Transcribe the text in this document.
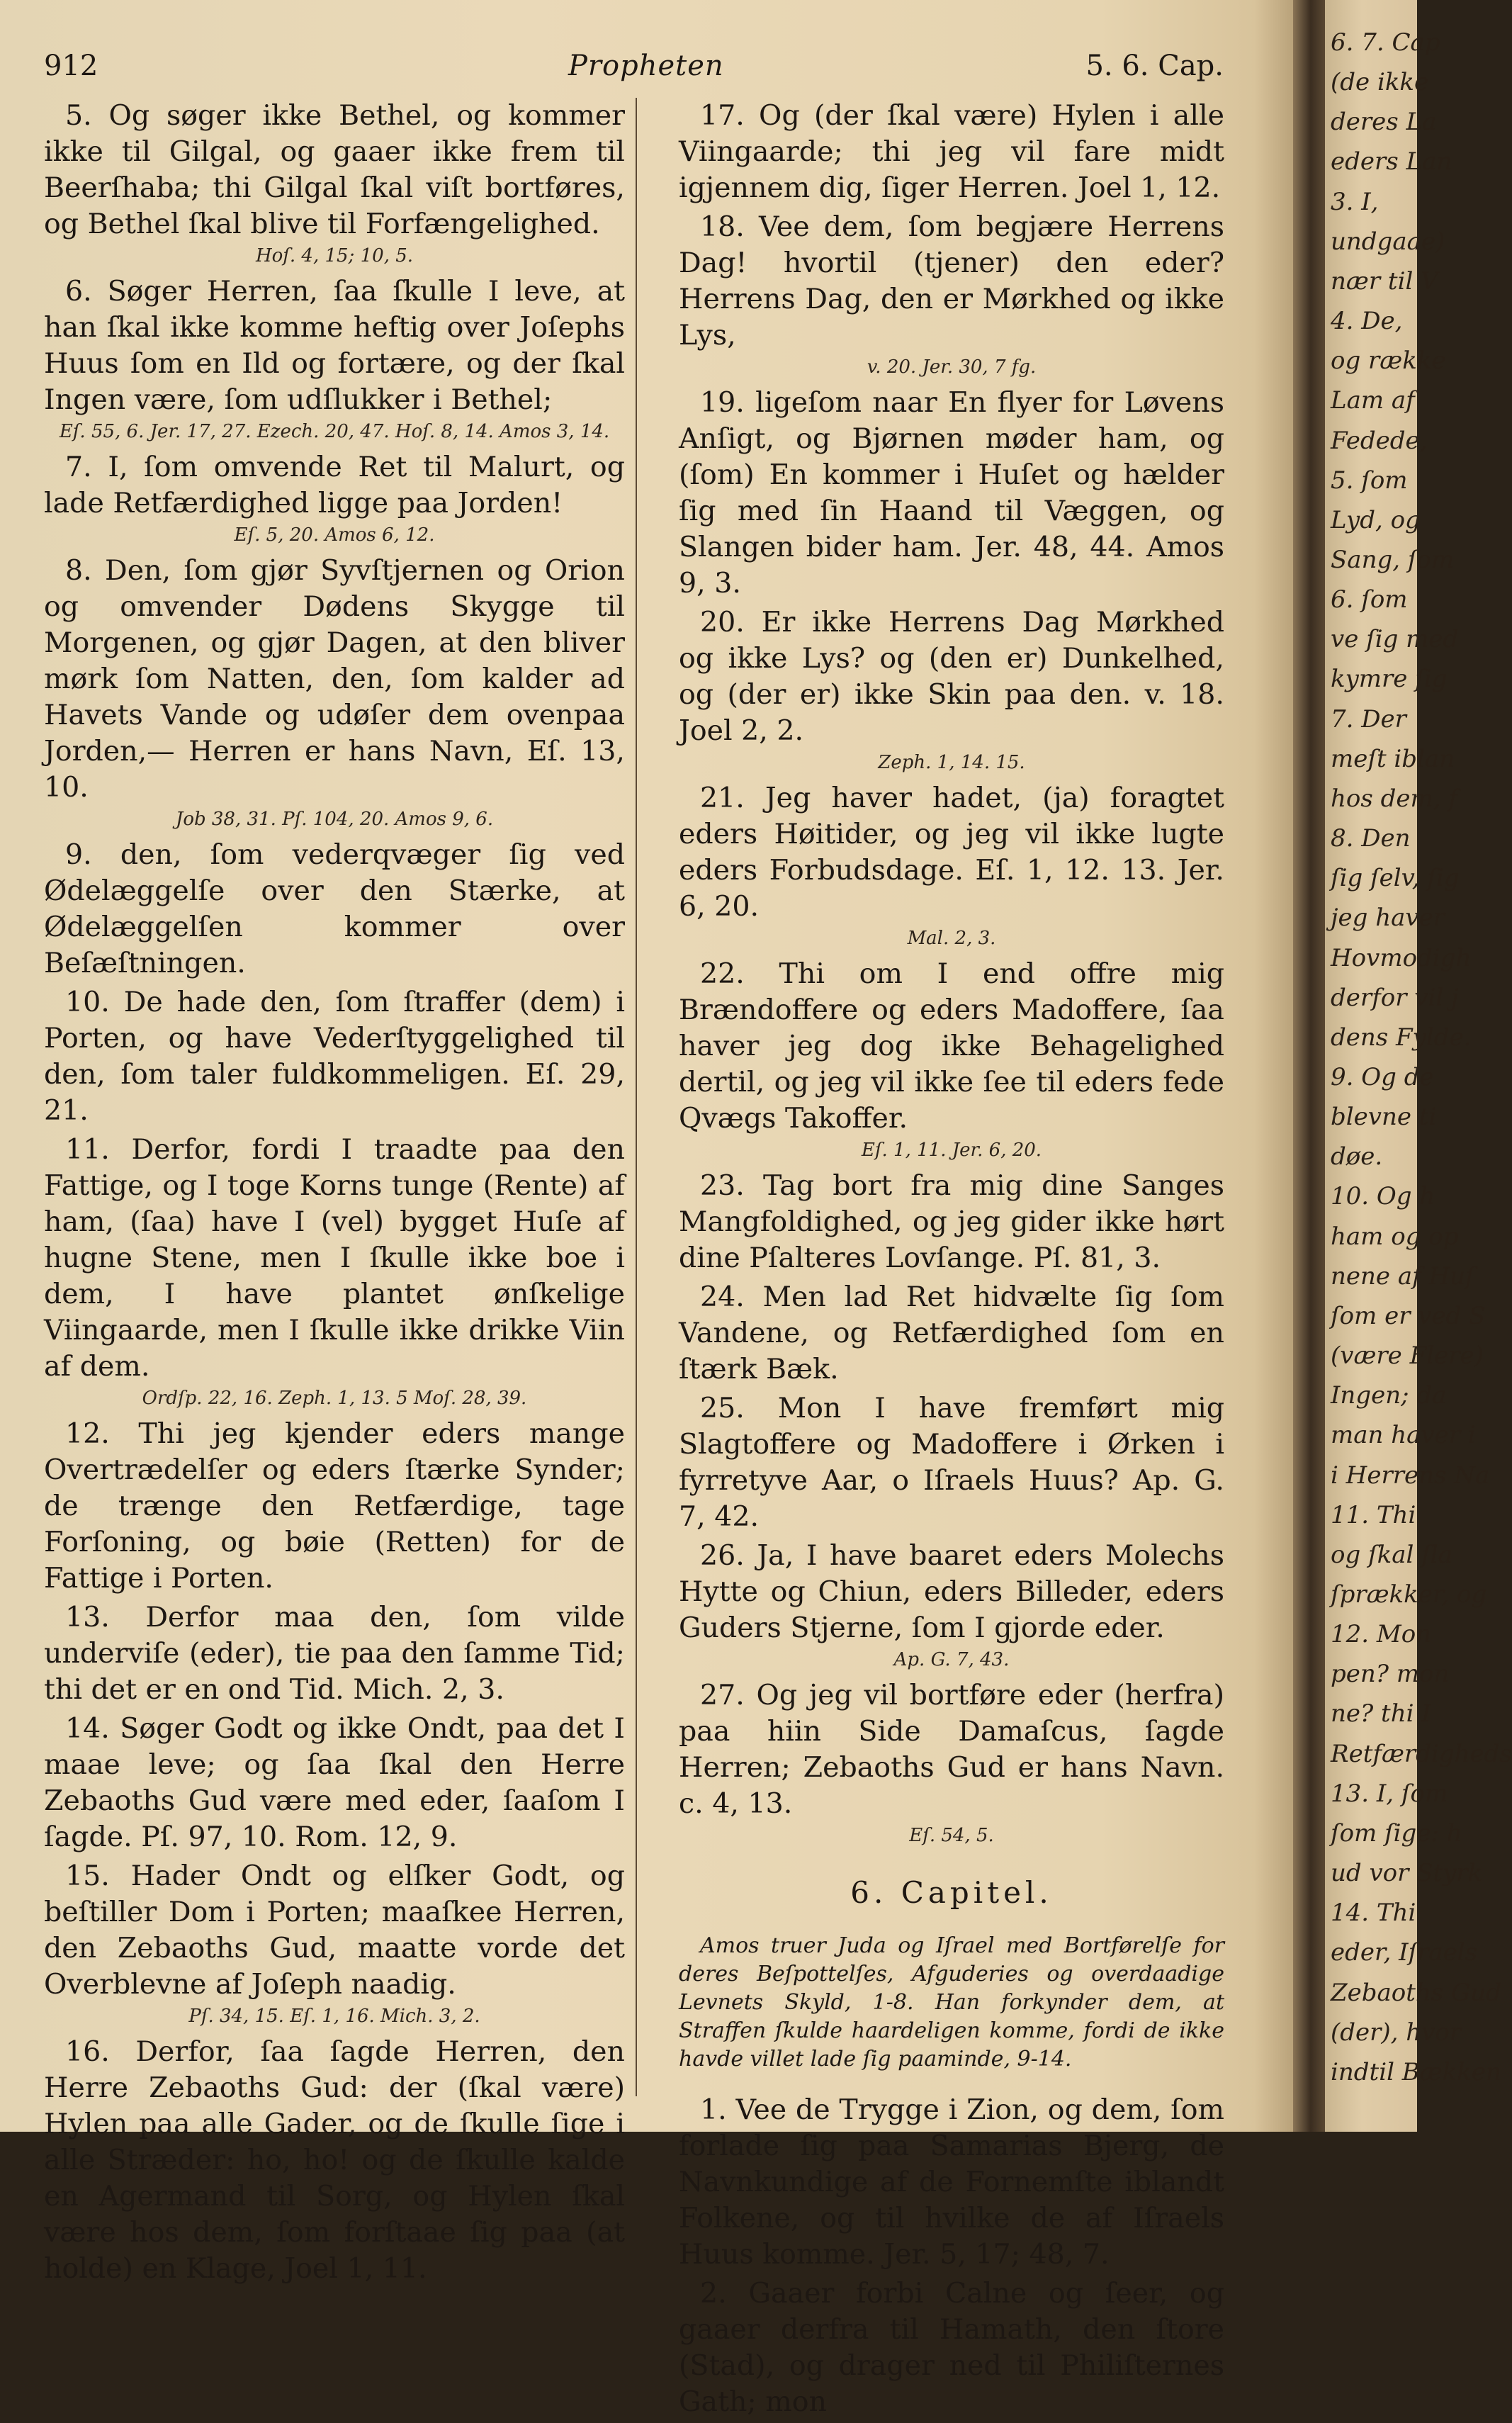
912	Propheten	5. 6. Cap.
5. Og søger ikke Bethel, og kommer ikke til Gilgal, og gaaer ikke frem til Beerſhaba; thi Gilgal ſkal viſt bortføres, og Bethel ſkal blive til Forfængelighed.
Hoſ. 4, 15; 10, 5.
6. Søger Herren, ſaa ſkulle I leve, at han ſkal ikke komme heftig over Joſephs Huus ſom en Ild og fortære, og der ſkal Ingen være, ſom udſlukker i Bethel;
Eſ. 55, 6. Jer. 17, 27. Ezech. 20, 47. Hoſ. 8, 14. Amos 3, 14.
7. I, ſom omvende Ret til Malurt, og lade Retfærdighed ligge paa Jorden!
Eſ. 5, 20. Amos 6, 12.
8. Den, ſom gjør Syvſtjernen og Orion og omvender Dødens Skygge til Morgenen, og gjør Dagen, at den bliver mørk ſom Natten, den, ſom kalder ad Havets Vande og udøſer dem ovenpaa Jorden,— Herren er hans Navn, Eſ. 13, 10.
Job 38, 31. Pſ. 104, 20. Amos 9, 6.
9. den, ſom vederqvæger ſig ved Ødelæggelſe over den Stærke, at Ødelæggelſen kommer over Beſæſtningen.
10. De hade den, ſom ſtraffer (dem) i Porten, og have Vederſtyggelighed til den, ſom taler fuldkommeligen. Eſ. 29, 21.
11. Derfor, fordi I traadte paa den Fattige, og I toge Korns tunge (Rente) af ham, (ſaa) have I (vel) bygget Huſe af hugne Stene, men I ſkulle ikke boe i dem, I have plantet ønſkelige Viingaarde, men I ſkulle ikke drikke Viin af dem.
Ordſp. 22, 16. Zeph. 1, 13. 5 Moſ. 28, 39.
12. Thi jeg kjender eders mange Overtrædelſer og eders ſtærke Synder; de trænge den Retfærdige, tage Forſoning, og bøie (Retten) for de Fattige i Porten.
13. Derfor maa den, ſom vilde underviſe (eder), tie paa den ſamme Tid; thi det er en ond Tid. Mich. 2, 3.
14. Søger Godt og ikke Ondt, paa det I maae leve; og ſaa ſkal den Herre Zebaoths Gud være med eder, ſaaſom I ſagde. Pſ. 97, 10. Rom. 12, 9.
15. Hader Ondt og elſker Godt, og beſtiller Dom i Porten; maaſkee Herren, den Zebaoths Gud, maatte vorde det Overblevne af Joſeph naadig.
Pſ. 34, 15. Eſ. 1, 16. Mich. 3, 2.
16. Derfor, ſaa ſagde Herren, den Herre Zebaoths Gud: der (ſkal være) Hylen paa alle Gader, og de ſkulle ſige i alle Stræder: ho, ho! og de ſkulle kalde en Agermand til Sorg, og Hylen ſkal være hos dem, ſom forſtaae ſig paa (at holde) en Klage, Joel 1, 11.
17. Og (der ſkal være) Hylen i alle Viingaarde; thi jeg vil fare midt igjennem dig, ſiger Herren. Joel 1, 12.
18. Vee dem, ſom begjære Herrens Dag! hvortil (tjener) den eder? Herrens Dag, den er Mørkhed og ikke Lys,
v. 20. Jer. 30, 7 fg.
19. ligeſom naar En flyer for Løvens Anſigt, og Bjørnen møder ham, og (ſom) En kommer i Huſet og hælder ſig med ſin Haand til Væggen, og Slangen bider ham. Jer. 48, 44. Amos 9, 3.
20. Er ikke Herrens Dag Mørkhed og ikke Lys? og (den er) Dunkelhed, og (der er) ikke Skin paa den. v. 18. Joel 2, 2.
Zeph. 1, 14. 15.
21. Jeg haver hadet, (ja) foragtet eders Høitider, og jeg vil ikke lugte eders Forbudsdage. Eſ. 1, 12. 13. Jer. 6, 20.
Mal. 2, 3.
22. Thi om I end offre mig Brændoffere og eders Madoffere, ſaa haver jeg dog ikke Behagelighed dertil, og jeg vil ikke ſee til eders fede Qvægs Takoffer.
Eſ. 1, 11. Jer. 6, 20.
23. Tag bort fra mig dine Sanges Mangfoldighed, og jeg gider ikke hørt dine Pſalteres Lovſange. Pſ. 81, 3.
24. Men lad Ret hidvælte ſig ſom Vandene, og Retfærdighed ſom en ſtærk Bæk.
25. Mon I have fremført mig Slagtoffere og Madoffere i Ørken i fyrretyve Aar, o Iſraels Huus? Ap. G. 7, 42.
26. Ja, I have baaret eders Molechs Hytte og Chiun, eders Billeder, eders Guders Stjerne, ſom I gjorde eder.
Ap. G. 7, 43.
27. Og jeg vil bortføre eder (herfra) paa hiin Side Damaſcus, ſagde Herren; Zebaoths Gud er hans Navn. c. 4, 13.
Eſ. 54, 5.
6. Capitel.
Amos truer Juda og Iſrael med Bortførelſe for deres Beſpottelſes, Afguderies og overdaadige Levnets Skyld, 1-8. Han forkynder dem, at Straffen ſkulde haardeligen komme, fordi de ikke havde villet lade ſig paaminde, 9-14.
1. Vee de Trygge i Zion, og dem, ſom forlade ſig paa Samarias Bjerg, de Navnkundige af de Fornemſte iblandt Folkene, og til hvilke de af Iſraels Huus komme. Jer. 5, 17; 48, 7.
2. Gaaer forbi Calne og ſeer, og gaaer derfra til Hamath, den ſtore (Stad), og drager ned til Philiſternes Gath; mon
6. 7. Cap
(de ikke
deres La
eders Lan
3. I,
undgaae)
nær til V
4. De,
og række
Lam af
Fedede,
5. ſom
Lyd, og
Sang, ſom
6. ſom
ve ſig med
kymre ſig
7. Der
meſt iblan
hos dem, f
8. Den
ſig ſelv, ſig
jeg haver
Hovmodigh
derfor vil j
dens Fylde.
9. Og de
blevne ti
døe.
10. Og h
ham og op
nene af Huſ
ſom er ved S
(være Flere)
Ingen; da
man haver i
i Herrens Na
11. Thi
og ſkal ſla
ſprækker, og
12. Mon
pen? mon
ne? thi I
Retfærdigheds
13. I, ſom
ſom ſige: h
ud vor Styrk
14. Thi
eder, Iſraels
Zebaoths Gud
(der), hvor
indtil Bækken
